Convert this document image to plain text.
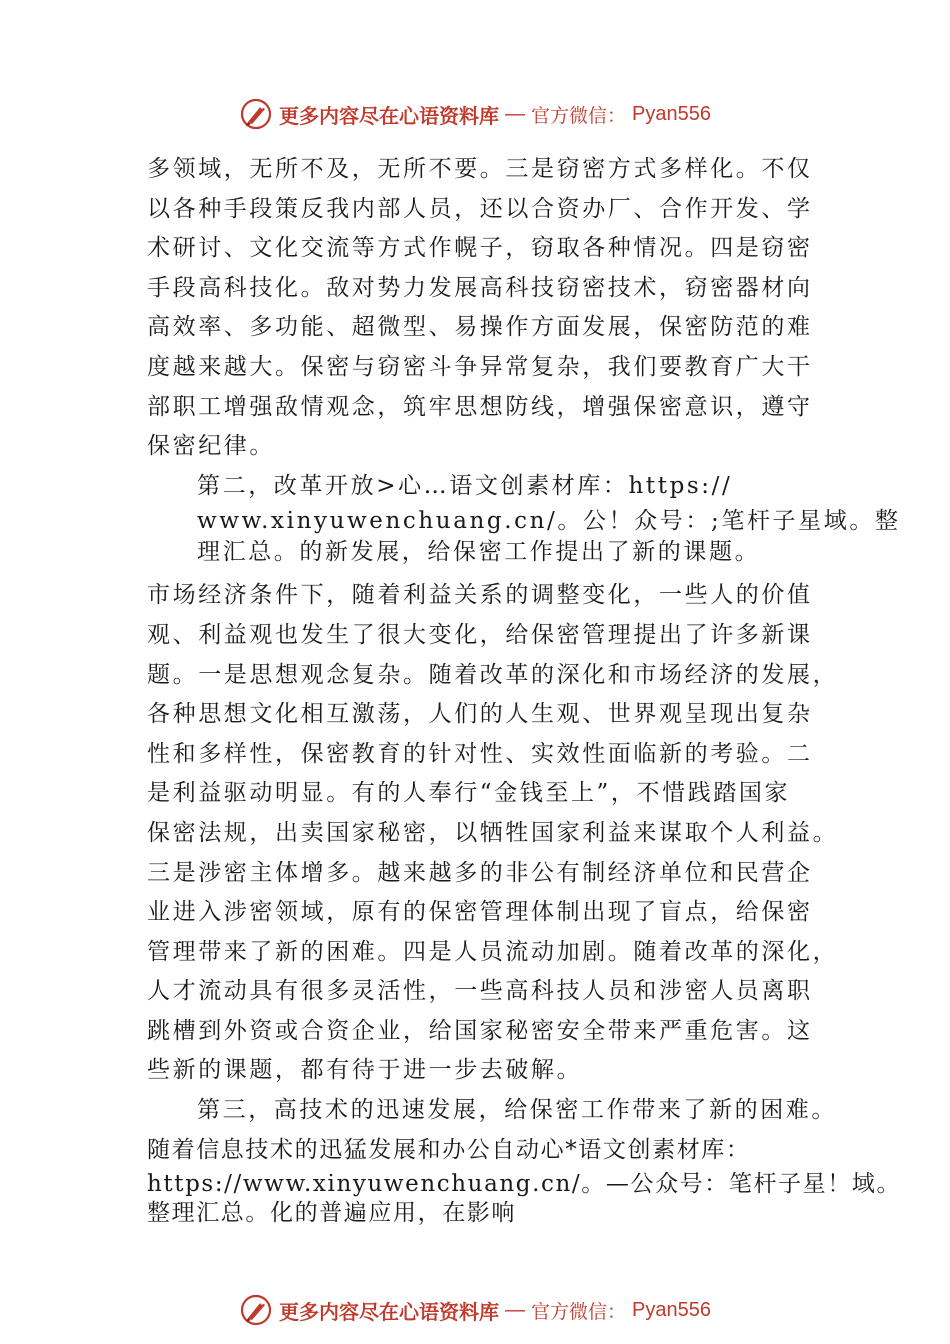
更多内容尽在心语资料库 — 官方微信： Pyan556
多领域，无所不及，无所不要。三是窃密方式多样化。不仅
以各种手段策反我内部人员，还以合资办厂、合作开发、学
术研讨、文化交流等方式作幌子，窃取各种情况。四是窃密
手段高科技化。敌对势力发展高科技窃密技术，窃密器材向
高效率、多功能、超微型、易操作方面发展，保密防范的难
度越来越大。保密与窃密斗争异常复杂，我们要教育广大干
部职工增强敌情观念，筑牢思想防线，增强保密意识，遵守
保密纪律。
第二，改革开放>心…语文创素材库：https://
www.xinyuwenchuang.cn/。公！众号：;笔杆子星域。整
理汇总。的新发展，给保密工作提出了新的课题。
市场经济条件下，随着利益关系的调整变化，一些人的价值
观、利益观也发生了很大变化，给保密管理提出了许多新课
题。一是思想观念复杂。随着改革的深化和市场经济的发展，
各种思想文化相互激荡，人们的人生观、世界观呈现出复杂
性和多样性，保密教育的针对性、实效性面临新的考验。二
是利益驱动明显。有的人奉行“金钱至上”，不惜践踏国家
保密法规，出卖国家秘密，以牺牲国家利益来谋取个人利益。
三是涉密主体增多。越来越多的非公有制经济单位和民营企
业进入涉密领域，原有的保密管理体制出现了盲点，给保密
管理带来了新的困难。四是人员流动加剧。随着改革的深化，
人才流动具有很多灵活性，一些高科技人员和涉密人员离职
跳槽到外资或合资企业，给国家秘密安全带来严重危害。这
些新的课题，都有待于进一步去破解。
第三，高技术的迅速发展，给保密工作带来了新的困难。
随着信息技术的迅猛发展和办公自动心*语文创素材库：
https://www.xinyuwenchuang.cn/。—公众号：笔杆子星！域。
整理汇总。化的普遍应用，在影响
更多内容尽在心语资料库 — 官方微信： Pyan556
